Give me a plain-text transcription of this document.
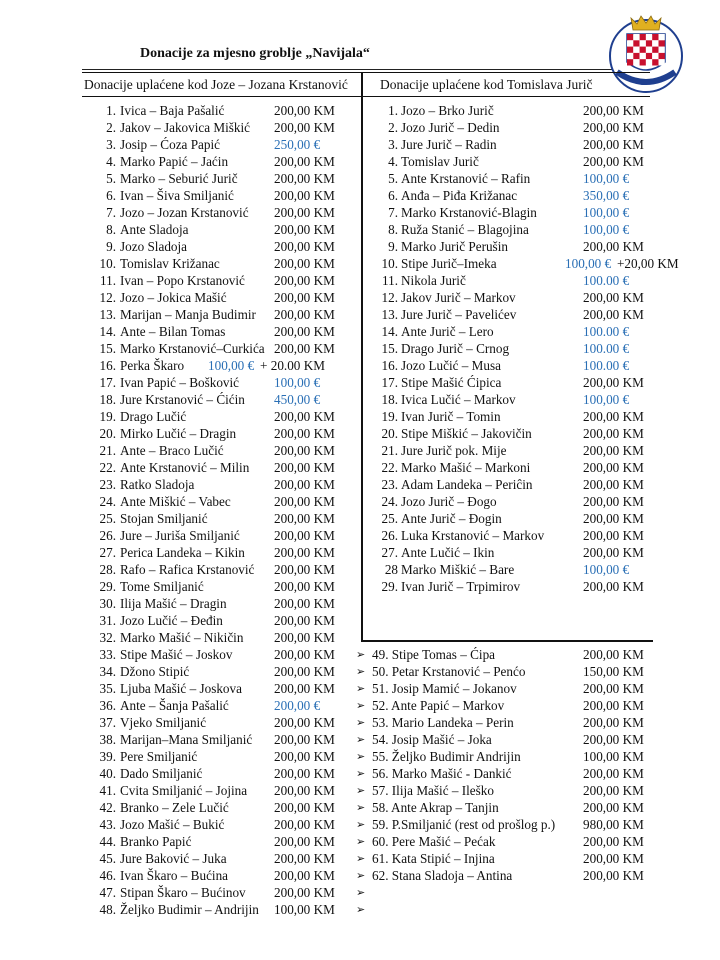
Donacije za mjesno groblje „Navijala“
Donacije uplaćene kod Joze – Jozana Krstanović Donacije uplaćene kod Tomislava Jurič
1. Ivica – Baja Pašalić	200,00 KM
2. Jakov – Jakovica Miškić 200,00 KM
3. Josip – Ćoza Papić	250,00 €
4. Marko Papić – Jaćin	200,00 KM
5. Marko – Seburić Jurič	200,00 KM
6. Ivan – Šiva Smiljanić	200,00 KM
7. Jozo – Jozan Krstanović 200,00 KM
8. Ante Sladoja	200,00 KM
9. Jozo Sladoja	200,00 KM
10. Tomislav Križanac	200,00 KM
11. Ivan – Popo Krstanović 200,00 KM
12. Jozo – Jokica Mašić	200,00 KM
13. Marijan – Manja Budimir 200,00 KM
14. Ante – Bilan Tomas	200,00 KM
15. Marko Krstanović–Curkića 200,00 KM
16. Perka Škaro 100,00 € + 20.00 KM
17. Ivan Papić – Bošković	100,00 €
18. Jure Krstanović – Ćićin 450,00 €
19. Drago Lučić	200,00 KM
20. Mirko Lučić – Dragin	200,00 KM
21. Ante – Braco Lučić	200,00 KM
22. Ante Krstanović – Milin 200,00 KM
23. Ratko Sladoja	200,00 KM
24. Ante Miškić – Vabec	200,00 KM
25. Stojan Smiljanić	200,00 KM
26. Jure – Juriša Smiljanić	200,00 KM
27. Perica Landeka – Kikin 200,00 KM
28. Rafo – Rafica Krstanović 200,00 KM
29. Tome Smiljanić	200,00 KM
30. Ilija Mašić – Dragin	200,00 KM
31. Jozo Lučić – Đeđin	200,00 KM
32. Marko Mašić – Nikičin 200,00 KM
33. Stipe Mašić – Joskov	200,00 KM
34. Džono Stipić	200,00 KM
35. Ljuba Mašić – Joskova 200,00 KM
36. Ante – Šanja Pašalić	200,00 €
37. Vjeko Smiljanić	200,00 KM
38. Marijan–Mana Smiljanić 200,00 KM
39. Pere Smiljanić	200,00 KM
40. Dado Smiljanić	200,00 KM
41. Cvita Smiljanić – Jojina 200,00 KM
42. Branko – Zele Lučić	200,00 KM
43. Jozo Mašić – Bukić	200,00 KM
44. Branko Papić	200,00 KM
45. Jure Baković – Juka	200,00 KM
46. Ivan Škaro – Bućina	200,00 KM
47. Stipan Škaro – Bućinov 200,00 KM
48. Željko Budimir – Andrijin 100,00 KM
1. Jozo – Brko Jurič	200,00 KM
2. Jozo Jurič – Dedin	200,00 KM
3. Jure Jurič – Radin	200,00 KM
4. Tomislav Jurič	200,00 KM
5. Ante Krstanović – Rafin	100,00 €
6. Anđa – Piđa Križanac	350,00 €
7. Marko Krstanović-Blagin	100,00 €
8. Ruža Stanić – Blagojina	100,00 €
9. Marko Jurič Perušin	200,00 KM
10. Stipe Jurič–Imeka	100,00 € +20,00 KM
11. Nikola Jurič	100.00 €
12. Jakov Jurič – Markov	200,00 KM
13. Jure Jurič – Pavelićev	200,00 KM
14. Ante Jurič – Lero	100.00 €
15. Drago Jurič – Crnog	100.00 €
16. Jozo Lučić – Musa	100.00 €
17. Stipe Mašić Ćipica	200,00 KM
18. Ivica Lučić – Markov	100,00 €
19. Ivan Jurič – Tomin	200,00 KM
20. Stipe Miškić – Jakovičin	200,00 KM
21. Jure Jurič pok. Mije	200,00 KM
22. Marko Mašić – Markoni	200,00 KM
23. Adam Landeka – Periĉin	200,00 KM
24. Jozo Jurič – Đogo	200,00 KM
25. Ante Jurič – Đogin	200,00 KM
26. Luka Krstanović – Markov	200,00 KM
27. Ante Lučić – Ikin	200,00 KM
28 Marko Miškić – Bare	100,00 €
29. Ivan Jurič – Trpimirov	200,00 KM
➢ 49. Stipe Tomas – Ćipa	200,00 KM
➢ 50. Petar Krstanović – Penćo	150,00 KM
➢ 51. Josip Mamić – Jokanov	200,00 KM
➢ 52. Ante Papić – Markov	200,00 KM
➢ 53. Mario Landeka – Perin	200,00 KM
➢ 54. Josip Mašić – Joka	200,00 KM
➢ 55. Željko Budimir Andrijin	100,00 KM
➢ 56. Marko Mašić - Dankić	200,00 KM
➢ 57. Ilija Mašić – Ileško	200,00 KM
➢ 58. Ante Akrap – Tanjin	200,00 KM
➢ 59. P.Smiljanić (rest od prošlog p.) 980,00 KM
➢ 60. Pere Mašić – Pećak	200,00 KM
➢ 61. Kata Stipić – Injina	200,00 KM
➢ 62. Stana Sladoja – Antina	200,00 KM
➢
➢
